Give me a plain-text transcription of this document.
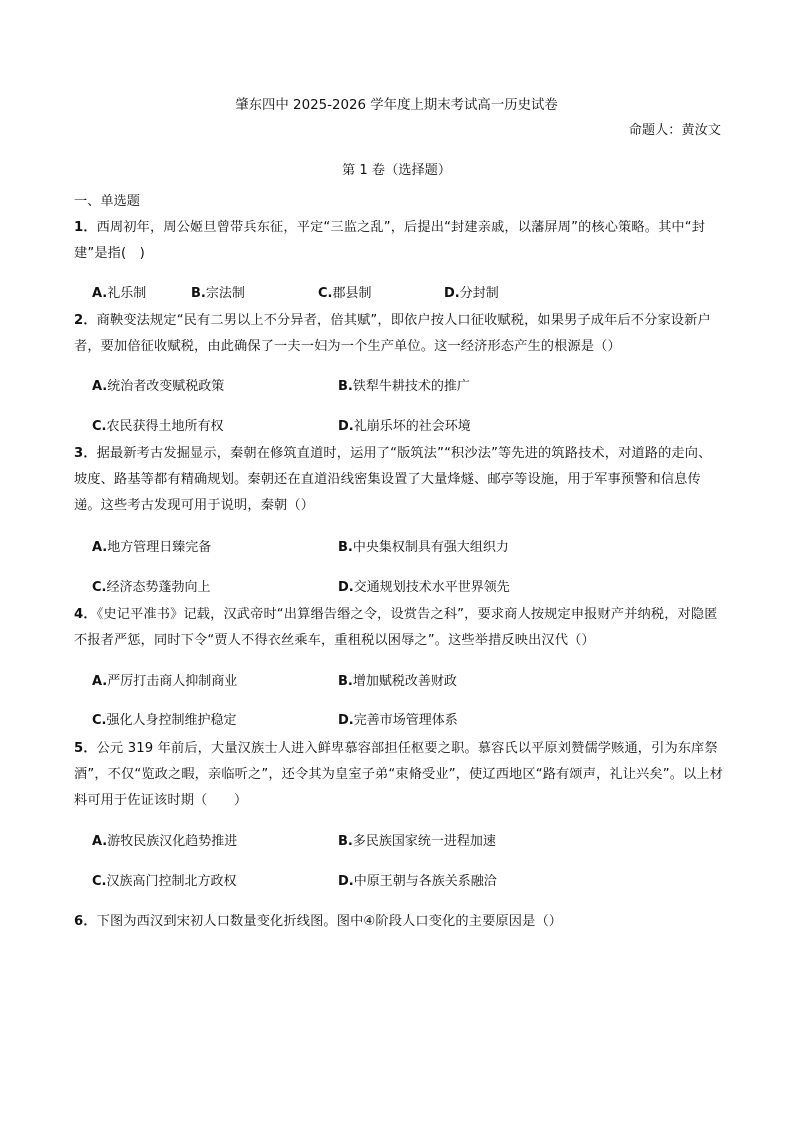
肇东四中 2025-2026 学年度上期末考试高一历史试卷
命题人：黄汝文
第 1 卷（选择题）
一、单选题
1．西周初年，周公姬旦曾带兵东征，平定“三监之乱”，后提出“封建亲戚，以藩屏周”的核心策略。其中“封建”是指(　)
A.礼乐制	B.宗法制	C.郡县制	D.分封制
2．商鞅变法规定“民有二男以上不分异者，倍其赋”，即依户按人口征收赋税，如果男子成年后不分家设新户者，要加倍征收赋税，由此确保了一夫一妇为一个生产单位。这一经济形态产生的根源是（）
A.统治者改变赋税政策	B.铁犁牛耕技术的推广
C.农民获得土地所有权	D.礼崩乐坏的社会环境
3．据最新考古发掘显示，秦朝在修筑直道时，运用了“版筑法”“积沙法”等先进的筑路技术，对道路的走向、坡度、路基等都有精确规划。秦朝还在直道沿线密集设置了大量烽燧、邮亭等设施，用于军事预警和信息传递。这些考古发现可用于说明，秦朝（）
A.地方管理日臻完备	B.中央集权制具有强大组织力
C.经济态势蓬勃向上	D.交通规划技术水平世界领先
4．《史记平准书》记载，汉武帝时“出算缗告缗之令，设赏告之科”，要求商人按规定申报财产并纳税，对隐匿不报者严惩，同时下令“贾人不得衣丝乘车，重租税以困辱之”。这些举措反映出汉代（）
A.严厉打击商人抑制商业	B.增加赋税改善财政
C.强化人身控制维护稳定	D.完善市场管理体系
5．公元 319 年前后，大量汉族士人进入鲜卑慕容部担任枢要之职。慕容氏以平原刘赞儒学赅通，引为东庠祭酒”，不仅“览政之暇，亲临听之”，还令其为皇室子弟“束脩受业”，使辽西地区“路有颂声，礼让兴矣”。以上材料可用于佐证该时期（　　）
A.游牧民族汉化趋势推进	B.多民族国家统一进程加速
C.汉族高门控制北方政权	D.中原王朝与各族关系融洽
6．下图为西汉到宋初人口数量变化折线图。图中④阶段人口变化的主要原因是（）
